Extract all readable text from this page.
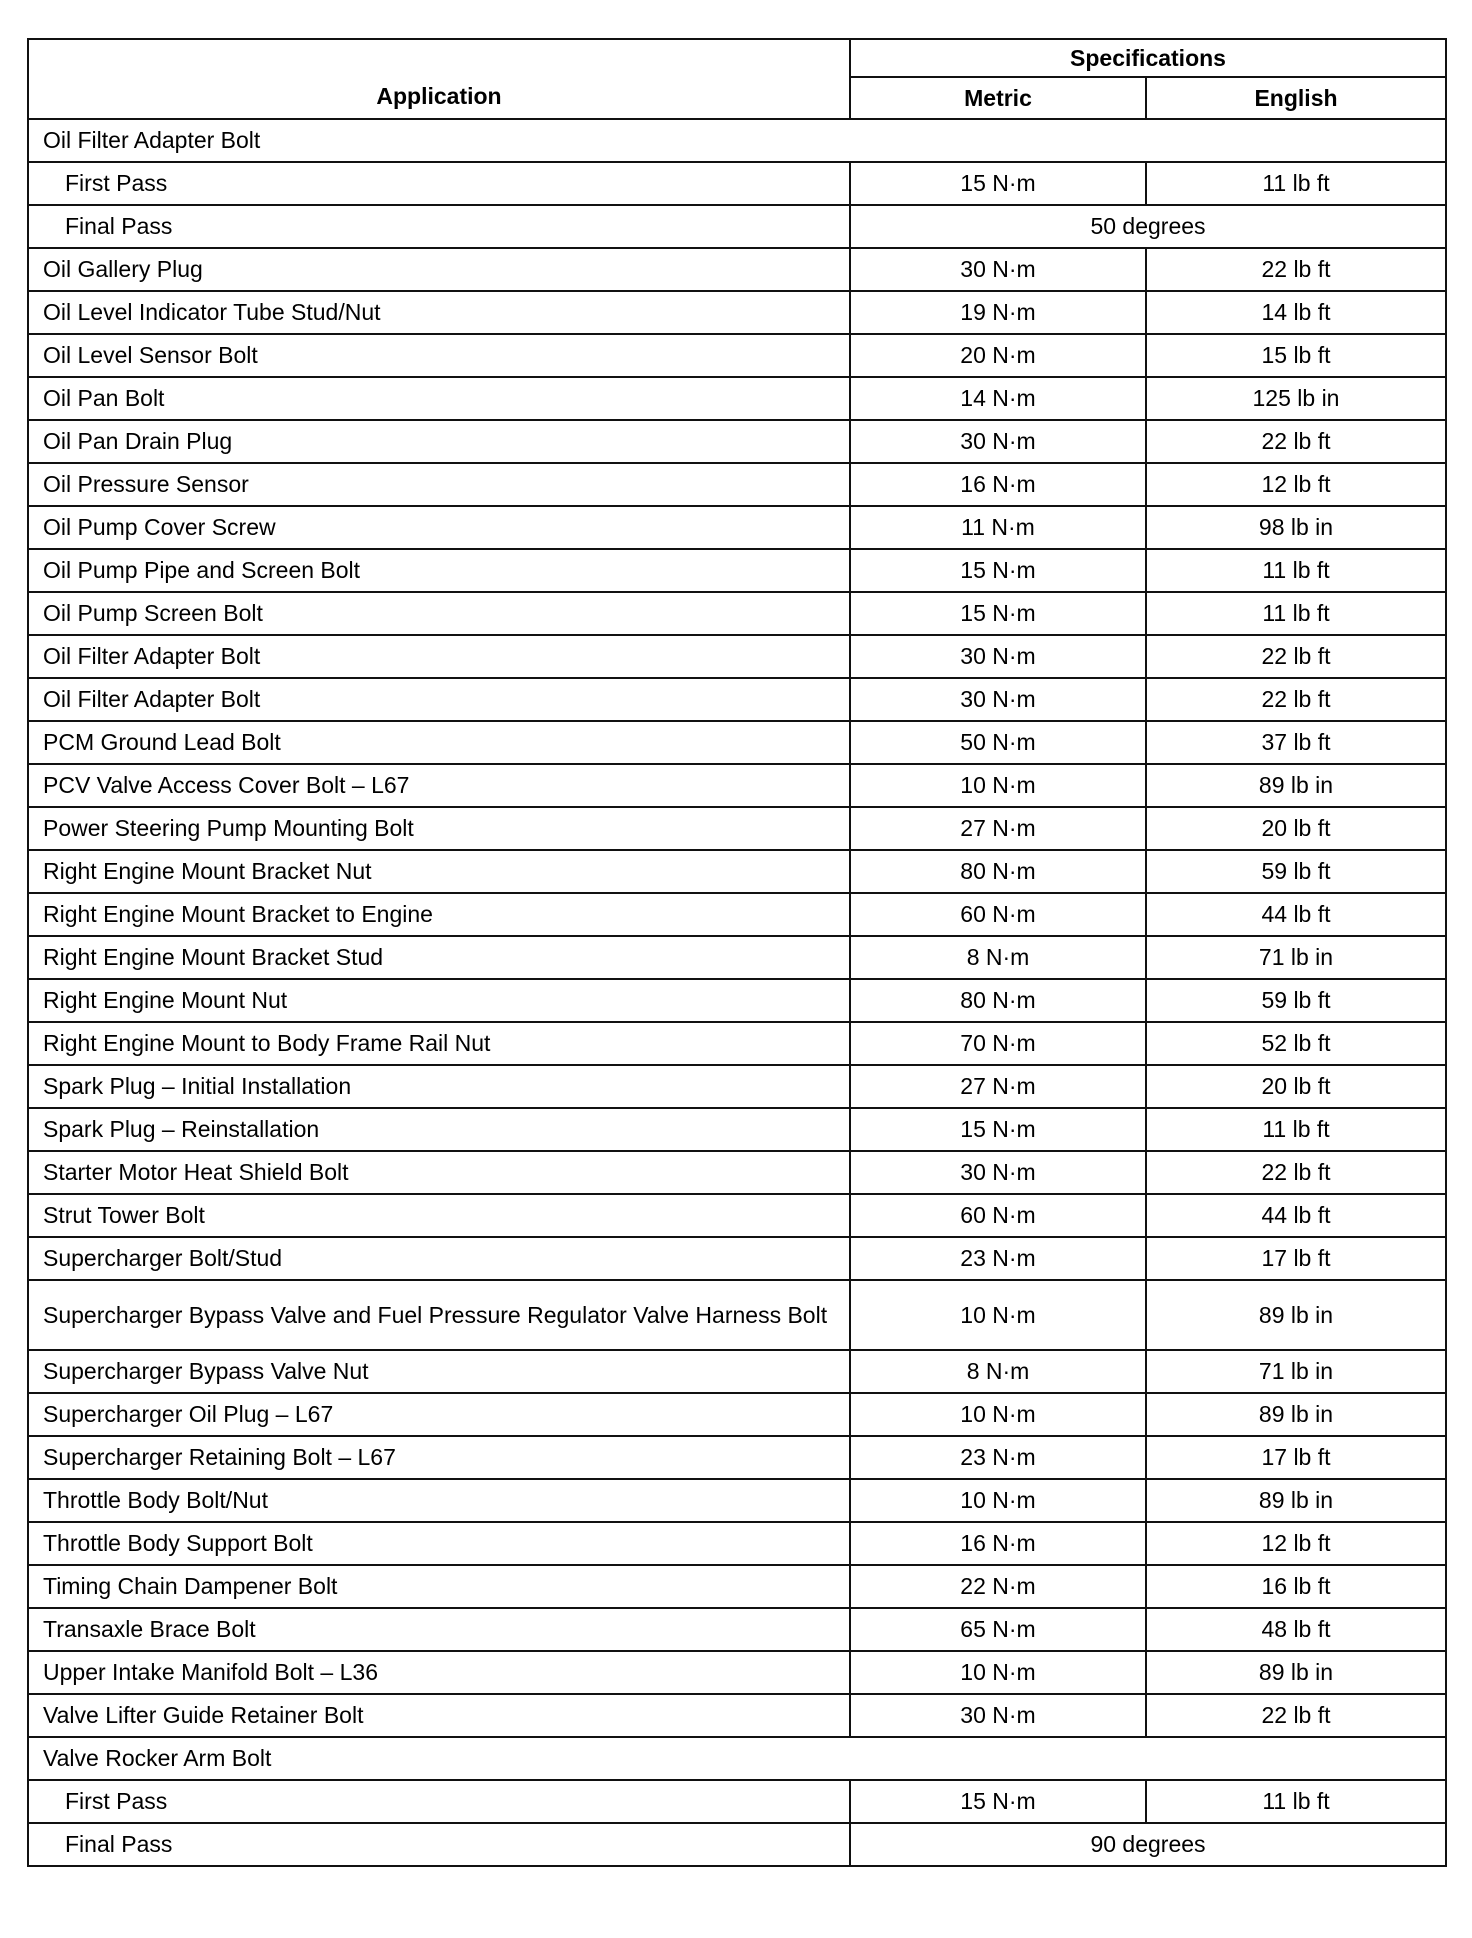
Application	Specifications	
	Metric	English
Oil Filter Adapter Bolt		
First Pass	15 N·m	11 lb ft
Final Pass	50 degrees	
Oil Gallery Plug	30 N·m	22 lb ft
Oil Level Indicator Tube Stud/Nut	19 N·m	14 lb ft
Oil Level Sensor Bolt	20 N·m	15 lb ft
Oil Pan Bolt	14 N·m	125 lb in
Oil Pan Drain Plug	30 N·m	22 lb ft
Oil Pressure Sensor	16 N·m	12 lb ft
Oil Pump Cover Screw	11 N·m	98 lb in
Oil Pump Pipe and Screen Bolt	15 N·m	11 lb ft
Oil Pump Screen Bolt	15 N·m	11 lb ft
Oil Filter Adapter Bolt	30 N·m	22 lb ft
Oil Filter Adapter Bolt	30 N·m	22 lb ft
PCM Ground Lead Bolt	50 N·m	37 lb ft
PCV Valve Access Cover Bolt – L67	10 N·m	89 lb in
Power Steering Pump Mounting Bolt	27 N·m	20 lb ft
Right Engine Mount Bracket Nut	80 N·m	59 lb ft
Right Engine Mount Bracket to Engine	60 N·m	44 lb ft
Right Engine Mount Bracket Stud	8 N·m	71 lb in
Right Engine Mount Nut	80 N·m	59 lb ft
Right Engine Mount to Body Frame Rail Nut	70 N·m	52 lb ft
Spark Plug – Initial Installation	27 N·m	20 lb ft
Spark Plug – Reinstallation	15 N·m	11 lb ft
Starter Motor Heat Shield Bolt	30 N·m	22 lb ft
Strut Tower Bolt	60 N·m	44 lb ft
Supercharger Bolt/Stud	23 N·m	17 lb ft
Supercharger Bypass Valve and Fuel Pressure Regulator Valve Harness Bolt	10 N·m	89 lb in
Supercharger Bypass Valve Nut	8 N·m	71 lb in
Supercharger Oil Plug – L67	10 N·m	89 lb in
Supercharger Retaining Bolt – L67	23 N·m	17 lb ft
Throttle Body Bolt/Nut	10 N·m	89 lb in
Throttle Body Support Bolt	16 N·m	12 lb ft
Timing Chain Dampener Bolt	22 N·m	16 lb ft
Transaxle Brace Bolt	65 N·m	48 lb ft
Upper Intake Manifold Bolt – L36	10 N·m	89 lb in
Valve Lifter Guide Retainer Bolt	30 N·m	22 lb ft
Valve Rocker Arm Bolt		
First Pass	15 N·m	11 lb ft
Final Pass	90 degrees	
